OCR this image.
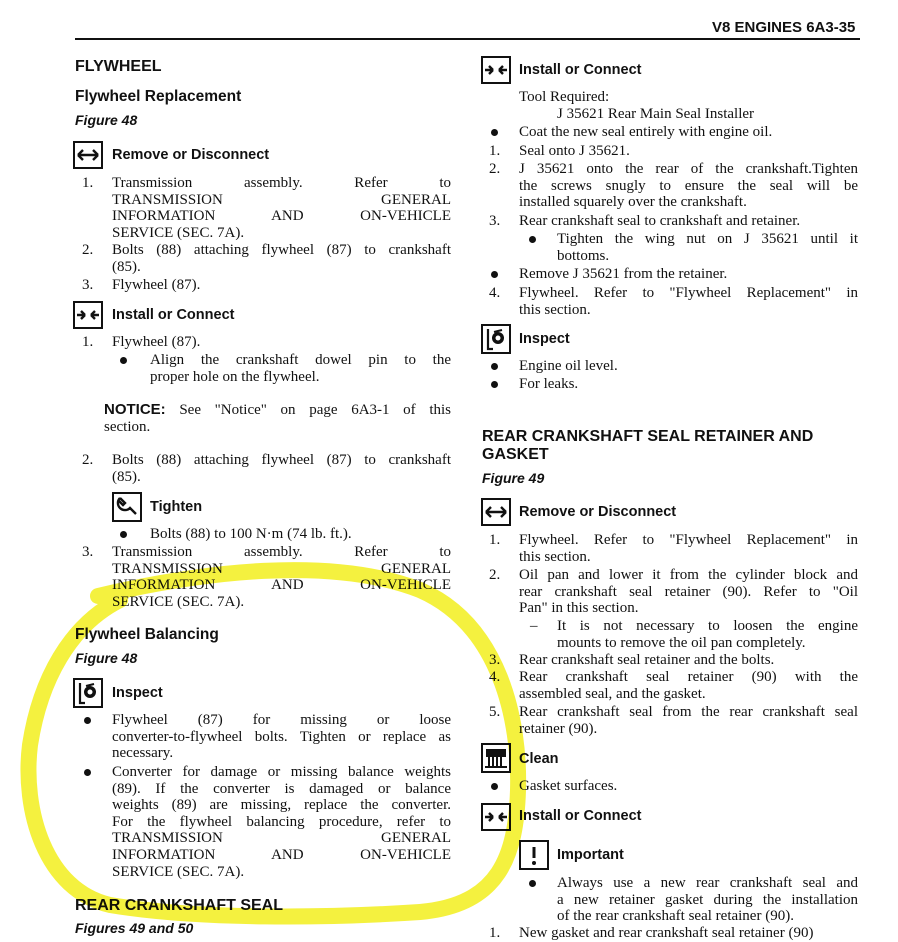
V8 ENGINES 6A3-35
FLYWHEEL
Flywheel Replacement
Figure 48
Remove or Disconnect
1. Transmission assembly. Refer to
TRANSMISSION GENERAL
INFORMATION AND ON-VEHICLE
SERVICE (SEC. 7A).
2. Bolts (88) attaching flywheel (87) to crankshaft
(85).
3. Flywheel (87).
Install or Connect
1. Flywheel (87).
Align the crankshaft dowel pin to the
proper hole on the flywheel.
NOTICE: See "Notice" on page 6A3-1 of this
section.
2. Bolts (88) attaching flywheel (87) to crankshaft
(85).
Tighten
Bolts (88) to 100 N·m (74 lb. ft.).
3. Transmission assembly. Refer to
TRANSMISSION GENERAL
INFORMATION AND ON-VEHICLE
SERVICE (SEC. 7A).
Flywheel Balancing
Figure 48
Inspect
Flywheel (87) for missing or loose
converter-to-flywheel bolts. Tighten or replace as
necessary.
Converter for damage or missing balance weights
(89). If the converter is damaged or balance
weights (89) are missing, replace the converter.
For the flywheel balancing procedure, refer to
TRANSMISSION GENERAL
INFORMATION AND ON-VEHICLE
SERVICE (SEC. 7A).
REAR CRANKSHAFT SEAL
Figures 49 and 50
Install or Connect
Tool Required:
J 35621 Rear Main Seal Installer
Coat the new seal entirely with engine oil.
1. Seal onto J 35621.
2. J 35621 onto the rear of the crankshaft.Tighten
the screws snugly to ensure the seal will be
installed squarely over the crankshaft.
3. Rear crankshaft seal to crankshaft and retainer.
Tighten the wing nut on J 35621 until it
bottoms.
Remove J 35621 from the retainer.
4. Flywheel. Refer to "Flywheel Replacement" in
this section.
Inspect
Engine oil level.
For leaks.
REAR CRANKSHAFT SEAL RETAINER AND
GASKET
Figure 49
Remove or Disconnect
1. Flywheel. Refer to "Flywheel Replacement" in
this section.
2. Oil pan and lower it from the cylinder block and
rear crankshaft seal retainer (90). Refer to "Oil
Pan" in this section.
– It is not necessary to loosen the engine
mounts to remove the oil pan completely.
3. Rear crankshaft seal retainer and the bolts.
4. Rear crankshaft seal retainer (90) with the
assembled seal, and the gasket.
5. Rear crankshaft seal from the rear crankshaft seal
retainer (90).
Clean
Gasket surfaces.
Install or Connect
Important
Always use a new rear crankshaft seal and
a new retainer gasket during the installation
of the rear crankshaft seal retainer (90).
1. New gasket and rear crankshaft seal retainer (90)
